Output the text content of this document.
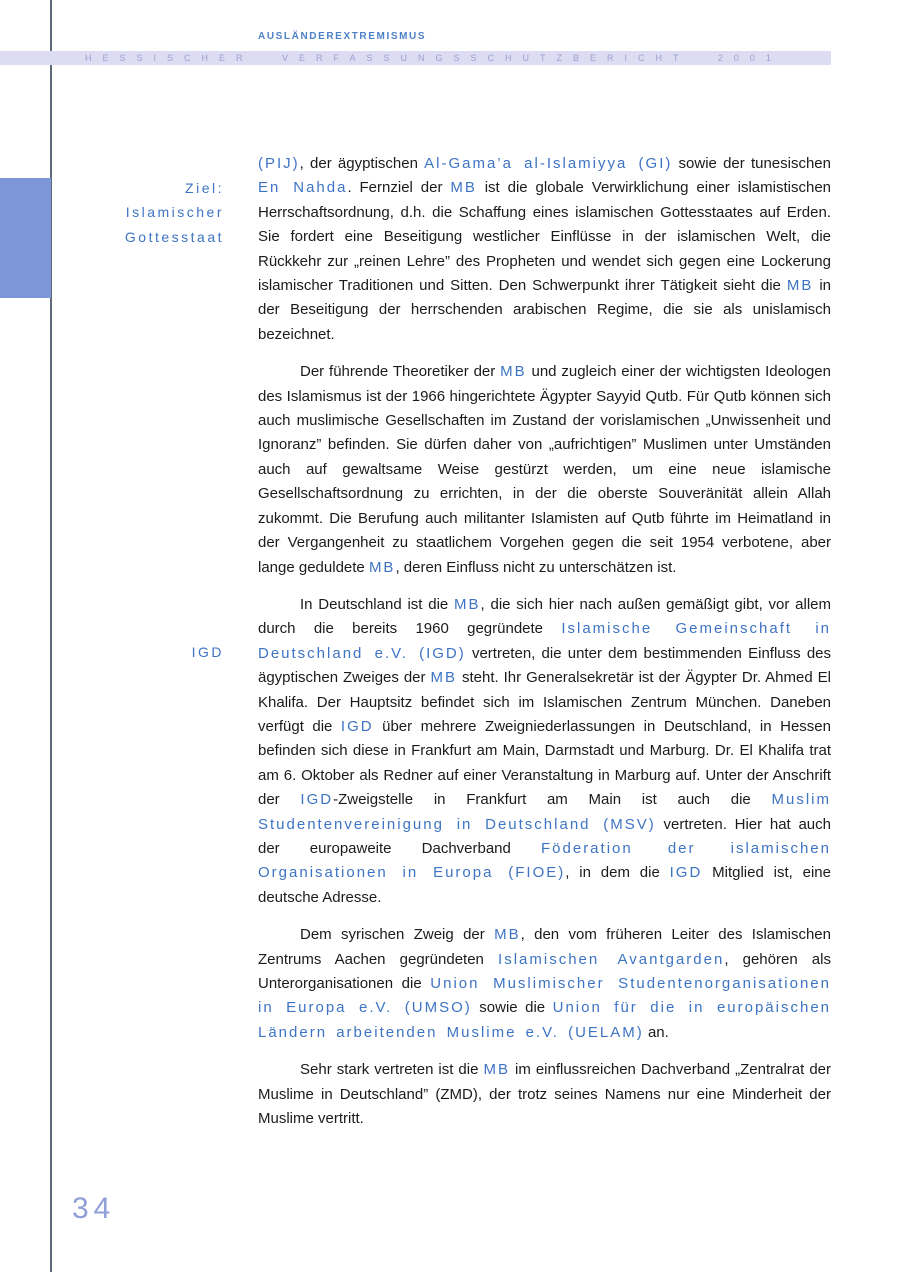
AUSLÄNDEREXTREMISMUS
HESSISCHER VERFASSUNGSSCHUTZBERICHT 2001
Ziel:
Islamischer
Gottesstaat
IGD

(PIJ), der ägyptischen Al-Gama’a al-Islamiyya (GI) sowie der tunesischen En Nahda. Fernziel der MB ist die globale Verwirklichung einer islamistischen Herrschaftsordnung, d.h. die Schaffung eines islamischen Gottesstaates auf Erden. Sie fordert eine Beseitigung westlicher Einflüsse in der islamischen Welt, die Rückkehr zur „reinen Lehre” des Propheten und wendet sich gegen eine Lockerung islamischer Traditionen und Sitten. Den Schwerpunkt ihrer Tätigkeit sieht die MB in der Beseitigung der herrschenden arabischen Regime, die sie als unislamisch bezeichnet.

Der führende Theoretiker der MB und zugleich einer der wichtigsten Ideologen des Islamismus ist der 1966 hingerichtete Ägypter Sayyid Qutb. Für Qutb können sich auch muslimische Gesellschaften im Zustand der vorislamischen „Unwissenheit und Ignoranz” befinden. Sie dürfen daher von „aufrichtigen” Muslimen unter Umständen auch auf gewaltsame Weise gestürzt werden, um eine neue islamische Gesellschaftsordnung zu errichten, in der die oberste Souveränität allein Allah zukommt. Die Berufung auch militanter Islamisten auf Qutb führte im Heimatland in der Vergangenheit zu staatlichem Vorgehen gegen die seit 1954 verbotene, aber lange geduldete MB, deren Einfluss nicht zu unterschätzen ist.

In Deutschland ist die MB, die sich hier nach außen gemäßigt gibt, vor allem durch die bereits 1960 gegründete Islamische Gemeinschaft in Deutschland e.V. (IGD) vertreten, die unter dem bestimmenden Einfluss des ägyptischen Zweiges der MB steht. Ihr Generalsekretär ist der Ägypter Dr. Ahmed El Khalifa. Der Hauptsitz befindet sich im Islamischen Zentrum München. Daneben verfügt die IGD über mehrere Zweigniederlassungen in Deutschland, in Hessen befinden sich diese in Frankfurt am Main, Darmstadt und Marburg. Dr. El Khalifa trat am 6. Oktober als Redner auf einer Veranstaltung in Marburg auf. Unter der Anschrift der IGD-Zweigstelle in Frankfurt am Main ist auch die Muslim Studentenvereinigung in Deutschland (MSV) vertreten. Hier hat auch der europaweite Dachverband Föderation der islamischen Organisationen in Europa (FIOE), in dem die IGD Mitglied ist, eine deutsche Adresse.

Dem syrischen Zweig der MB, den vom früheren Leiter des Islamischen Zentrums Aachen gegründeten Islamischen Avantgarden, gehören als Unterorganisationen die Union Muslimischer Studentenorganisationen in Europa e.V. (UMSO) sowie die Union für die in europäischen Ländern arbeitenden Muslime e.V. (UELAM) an.

Sehr stark vertreten ist die MB im einflussreichen Dachverband „Zentralrat der Muslime in Deutschland” (ZMD), der trotz seines Namens nur eine Minderheit der Muslime vertritt.

34
